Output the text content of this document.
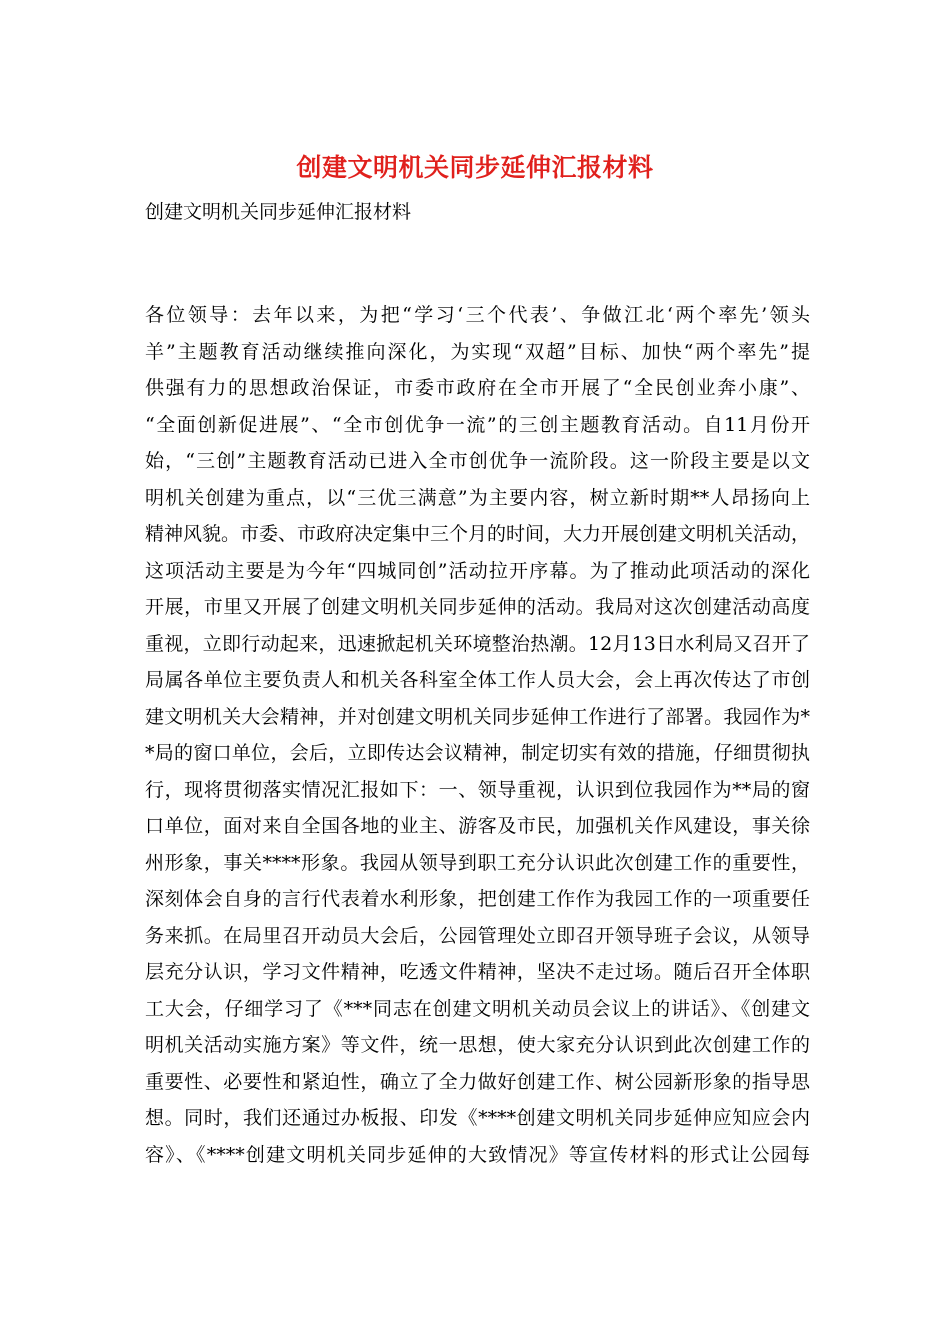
创建文明机关同步延伸汇报材料
创建文明机关同步延伸汇报材料
各位领导：去年以来，为把“学习‘三个代表’、争做江北‘两个率先’领头
羊”主题教育活动继续推向深化，为实现“双超”目标、加快“两个率先”提
供强有力的思想政治保证，市委市政府在全市开展了“全民创业奔小康”、
“全面创新促进展”、“全市创优争一流”的三创主题教育活动。自11月份开
始，“三创”主题教育活动已进入全市创优争一流阶段。这一阶段主要是以文
明机关创建为重点，以“三优三满意”为主要内容，树立新时期**人昂扬向上
精神风貌。市委、市政府决定集中三个月的时间，大力开展创建文明机关活动，
这项活动主要是为今年“四城同创”活动拉开序幕。为了推动此项活动的深化
开展，市里又开展了创建文明机关同步延伸的活动。我局对这次创建活动高度
重视，立即行动起来，迅速掀起机关环境整治热潮。12月13日水利局又召开了
局属各单位主要负责人和机关各科室全体工作人员大会，会上再次传达了市创
建文明机关大会精神，并对创建文明机关同步延伸工作进行了部署。我园作为*
*局的窗口单位，会后，立即传达会议精神，制定切实有效的措施，仔细贯彻执
行，现将贯彻落实情况汇报如下：一、领导重视，认识到位我园作为**局的窗
口单位，面对来自全国各地的业主、游客及市民，加强机关作风建设，事关徐
州形象，事关****形象。我园从领导到职工充分认识此次创建工作的重要性，
深刻体会自身的言行代表着水利形象，把创建工作作为我园工作的一项重要任
务来抓。在局里召开动员大会后，公园管理处立即召开领导班子会议，从领导
层充分认识，学习文件精神，吃透文件精神，坚决不走过场。随后召开全体职
工大会，仔细学习了《***同志在创建文明机关动员会议上的讲话》、《创建文
明机关活动实施方案》等文件，统一思想，使大家充分认识到此次创建工作的
重要性、必要性和紧迫性，确立了全力做好创建工作、树公园新形象的指导思
想。同时，我们还通过办板报、印发《****创建文明机关同步延伸应知应会内
容》、《****创建文明机关同步延伸的大致情况》等宣传材料的形式让公园每
